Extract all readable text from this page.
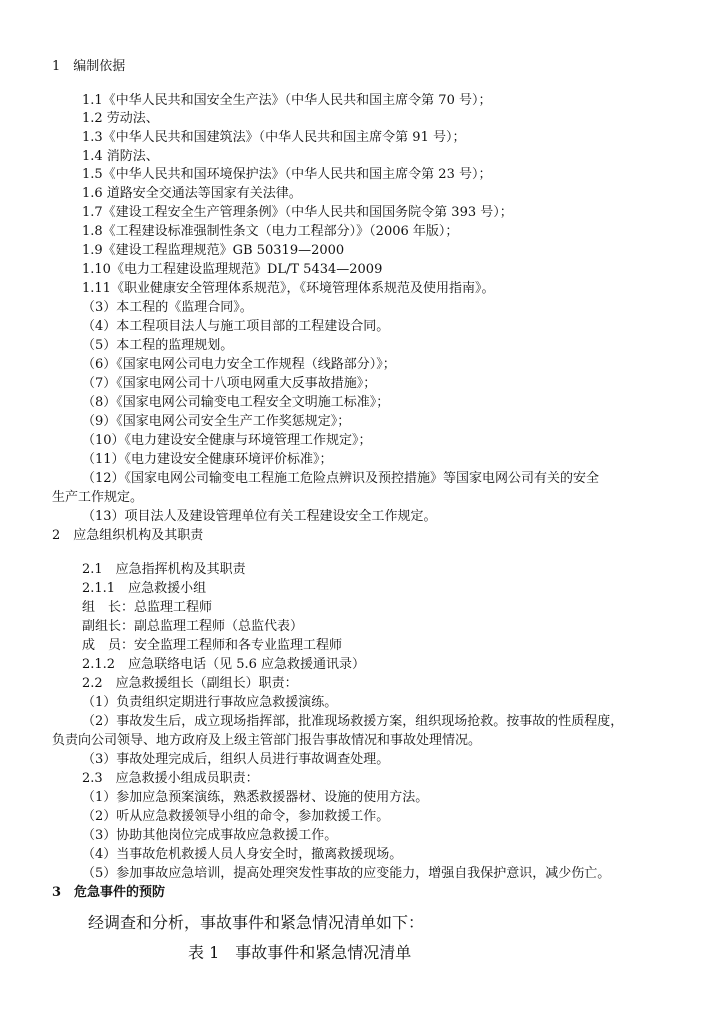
1　编制依据
1.1《中华人民共和国安全生产法》（中华人民共和国主席令第 70 号）；
1.2 劳动法、
1.3《中华人民共和国建筑法》（中华人民共和国主席令第 91 号）；
1.4 消防法、
1.5《中华人民共和国环境保护法》（中华人民共和国主席令第 23 号）；
1.6 道路安全交通法等国家有关法律。
1.7《建设工程安全生产管理条例》（中华人民共和国国务院令第 393 号）；
1.8《工程建设标准强制性条文（电力工程部分）》（2006 年版）；
1.9《建设工程监理规范》GB 50319—2000
1.10《电力工程建设监理规范》DL/T 5434—2009
1.11《职业健康安全管理体系规范》，《环境管理体系规范及使用指南》。
（3）本工程的《监理合同》。
（4）本工程项目法人与施工项目部的工程建设合同。
（5）本工程的监理规划。
（6）《国家电网公司电力安全工作规程（线路部分）》；
（7）《国家电网公司十八项电网重大反事故措施》；
（8）《国家电网公司输变电工程安全文明施工标准》；
（9）《国家电网公司安全生产工作奖惩规定》；
（10）《电力建设安全健康与环境管理工作规定》；
（11）《电力建设安全健康环境评价标准》；
（12）《国家电网公司输变电工程施工危险点辨识及预控措施》等国家电网公司有关的安全
生产工作规定。
（13）项目法人及建设管理单位有关工程建设安全工作规定。
2　应急组织机构及其职责
2.1　应急指挥机构及其职责
2.1.1　应急救援小组
组　长：总监理工程师
副组长：副总监理工程师（总监代表）
成　员：安全监理工程师和各专业监理工程师
2.1.2　应急联络电话（见 5.6 应急救援通讯录）
2.2　应急救援组长（副组长）职责：
（1）负责组织定期进行事故应急救援演练。
（2）事故发生后，成立现场指挥部，批准现场救援方案，组织现场抢救。按事故的性质程度，
负责向公司领导、地方政府及上级主管部门报告事故情况和事故处理情况。
（3）事故处理完成后，组织人员进行事故调查处理。
2.3　应急救援小组成员职责：
（1）参加应急预案演练，熟悉救援器材、设施的使用方法。
（2）听从应急救援领导小组的命令，参加救援工作。
（3）协助其他岗位完成事故应急救援工作。
（4）当事故危机救援人员人身安全时，撤离救援现场。
（5）参加事故应急培训，提高处理突发性事故的应变能力，增强自我保护意识，减少伤亡。
3　危急事件的预防
经调查和分析，事故事件和紧急情况清单如下：
表 1　事故事件和紧急情况清单
